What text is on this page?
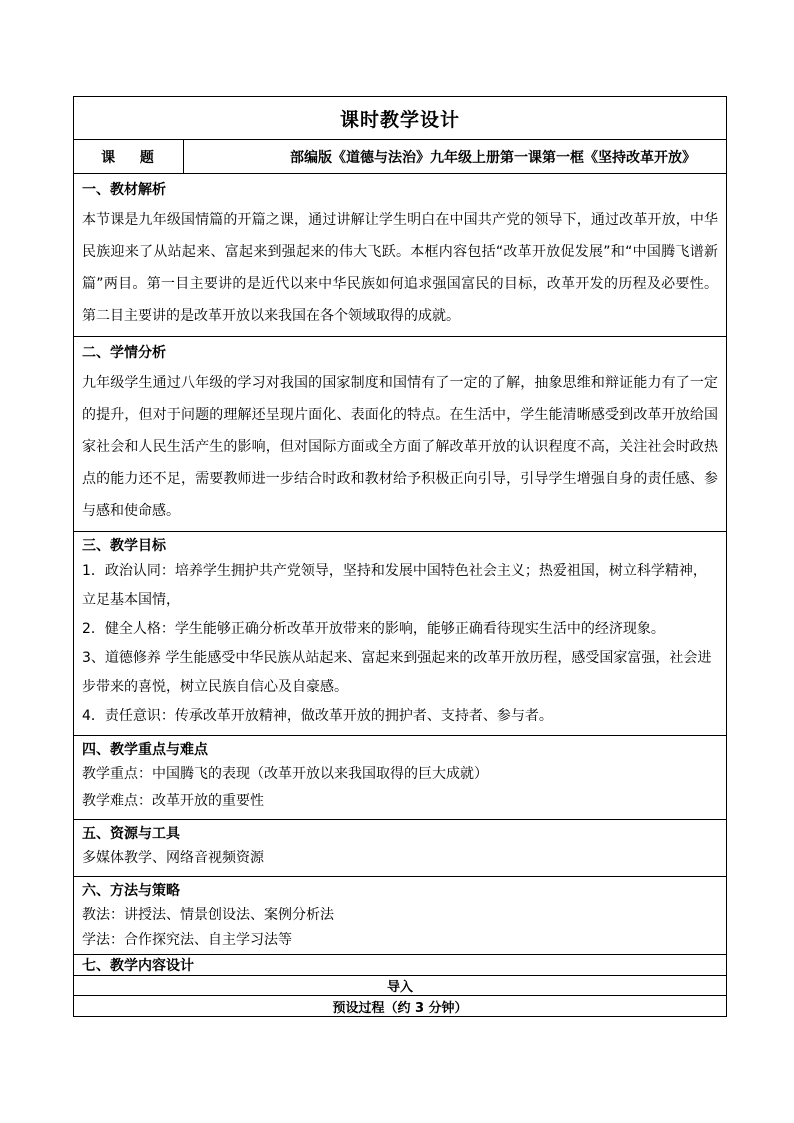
课时教学设计
课 题	部编版《道德与法治》九年级上册第一课第一框《坚持改革开放》
一、教材解析
本节课是九年级国情篇的开篇之课，通过讲解让学生明白在中国共产党的领导下，通过改革开放，中华民族迎来了从站起来、富起来到强起来的伟大飞跃。本框内容包括“改革开放促发展”和“中国腾飞谱新篇”两目。第一目主要讲的是近代以来中华民族如何追求强国富民的目标，改革开发的历程及必要性。第二目主要讲的是改革开放以来我国在各个领域取得的成就。
二、学情分析
九年级学生通过八年级的学习对我国的国家制度和国情有了一定的了解，抽象思维和辩证能力有了一定的提升，但对于问题的理解还呈现片面化、表面化的特点。在生活中，学生能清晰感受到改革开放给国家社会和人民生活产生的影响，但对国际方面或全方面了解改革开放的认识程度不高，关注社会时政热点的能力还不足，需要教师进一步结合时政和教材给予积极正向引导，引导学生增强自身的责任感、参与感和使命感。
三、教学目标
1．政治认同：培养学生拥护共产党领导，坚持和发展中国特色社会主义；热爱祖国，树立科学精神，立足基本国情，
2．健全人格：学生能够正确分析改革开放带来的影响，能够正确看待现实生活中的经济现象。
3、道德修养 学生能感受中华民族从站起来、富起来到强起来的改革开放历程，感受国家富强，社会进步带来的喜悦，树立民族自信心及自豪感。
4．责任意识：传承改革开放精神，做改革开放的拥护者、支持者、参与者。
四、教学重点与难点
教学重点：中国腾飞的表现（改革开放以来我国取得的巨大成就）
教学难点：改革开放的重要性
五、资源与工具
多媒体教学、网络音视频资源
六、方法与策略
教法：讲授法、情景创设法、案例分析法
学法：合作探究法、自主学习法等
七、教学内容设计
导入
预设过程（约 3 分钟）
